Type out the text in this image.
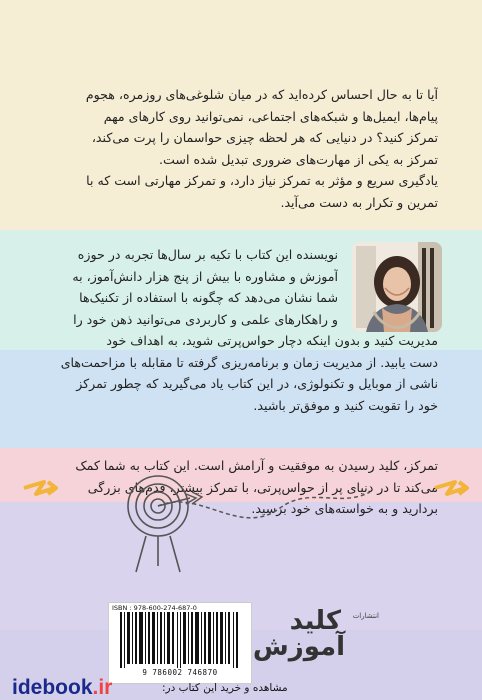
آیا تا به حال احساس کرده‌اید که در میان شلوغی‌های روزمره، هجوم
پیام‌ها، ایمیل‌ها و شبکه‌های اجتماعی، نمی‌توانید روی کارهای مهم
تمرکز کنید؟ در دنیایی که هر لحظه چیزی حواسمان را پرت می‌کند،
تمرکز به یکی از مهارت‌های ضروری تبدیل شده است.
یادگیری سریع و مؤثر به تمرکز نیاز دارد، و تمرکز مهارتی است که با
تمرین و تکرار به دست می‌آید.
نویسنده این کتاب با تکیه بر سال‌ها تجربه در حوزه
آموزش و مشاوره با بیش از پنج هزار دانش‌آموز، به
شما نشان می‌دهد که چگونه با استفاده از تکنیک‌ها
و راهکارهای علمی و کاربردی می‌توانید ذهن خود را
مدیریت کنید و بدون اینکه دچار حواس‌پرتی شوید، به اهداف خود
دست یابید. از مدیریت زمان و برنامه‌ریزی گرفته تا مقابله با مزاحمت‌های
ناشی از موبایل و تکنولوژی، در این کتاب یاد می‌گیرید که چطور تمرکز
خود را تقویت کنید و موفق‌تر باشید.
تمرکز، کلید رسیدن به موفقیت و آرامش است. این کتاب به شما کمک
می‌کند تا در دنیای پر از حواس‌پرتی، با تمرکز بیشتر، قدم‌های بزرگی
بردارید و به خواسته‌های خود برسید.
ISBN : 978-600-274-687-0
9 786002 746870
انتشارات
کلید
آموزش
idebook.ir	مشاهده و خرید این کتاب در:
